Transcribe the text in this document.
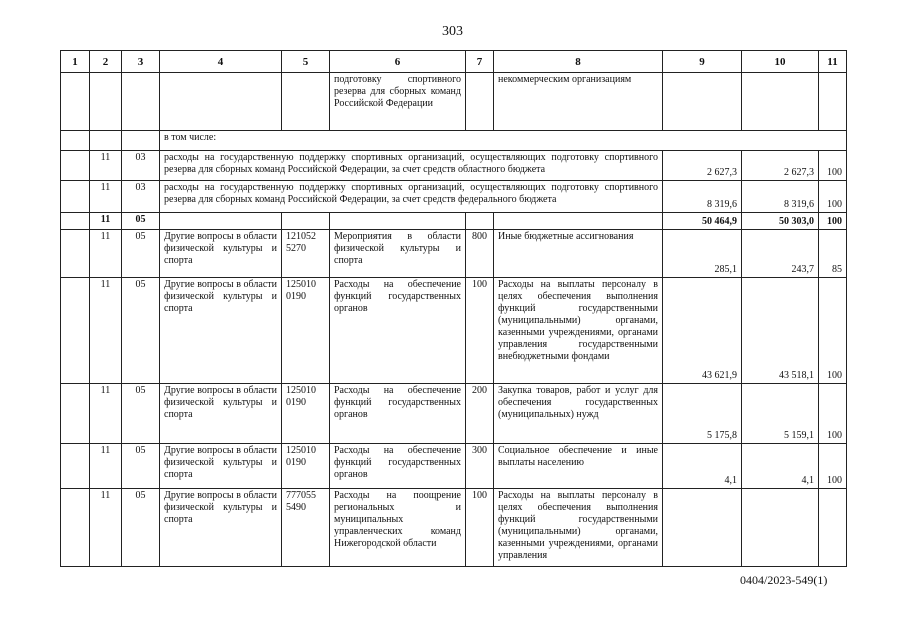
303
1	2	3	4	5	6	7	8	9	10	11
					подготовку спортивного резерва для сборных команд Российской Федерации		некоммерческим организациям			
			в том числе:							
	11	03	расходы на государственную поддержку спортивных организаций, осуществляющих подготовку спортивного резерва для сборных команд Российской Федерации, за счет средств областного бюджета					2 627,3	2 627,3	100
	11	03	расходы на государственную поддержку спортивных организаций, осуществляющих подготовку спортивного резерва для сборных команд Российской Федерации, за счет средств федерального бюджета					8 319,6	8 319,6	100
	11	05						50 464,9	50 303,0	100
	11	05	Другие вопросы в области физической культуры и спорта	121052 5270	Мероприятия в области физической культуры и спорта	800	Иные бюджетные ассигнования	285,1	243,7	85
	11	05	Другие вопросы в области физической культуры и спорта	125010 0190	Расходы на обеспечение функций государственных органов	100	Расходы на выплаты персоналу в целях обеспечения выполнения функций государственными (муниципальными) органами, казенными учреждениями, органами управления государственными внебюджетными фондами	43 621,9	43 518,1	100
	11	05	Другие вопросы в области физической культуры и спорта	125010 0190	Расходы на обеспечение функций государственных органов	200	Закупка товаров, работ и услуг для обеспечения государственных (муниципальных) нужд	5 175,8	5 159,1	100
	11	05	Другие вопросы в области физической культуры и спорта	125010 0190	Расходы на обеспечение функций государственных органов	300	Социальное обеспечение и иные выплаты населению	4,1	4,1	100
	11	05	Другие вопросы в области физической культуры и спорта	777055 5490	Расходы на поощрение региональных и муниципальных управленческих команд Нижегородской области	100	Расходы на выплаты персоналу в целях обеспечения выполнения функций государственными (муниципальными) органами, казенными учреждениями, органами управления			
0404/2023-549(1)
